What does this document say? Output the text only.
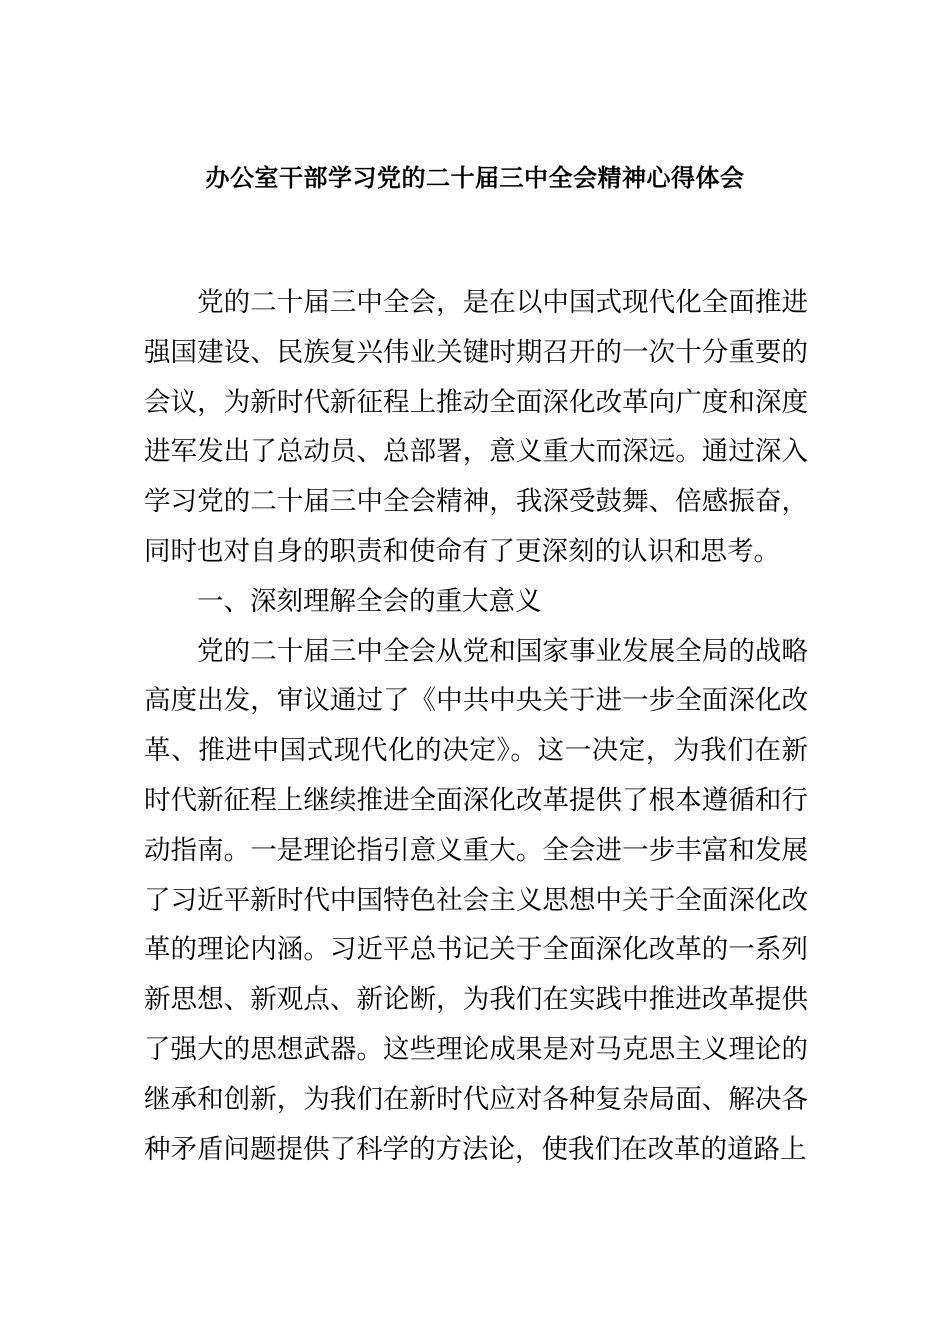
办公室干部学习党的二十届三中全会精神心得体会

党的二十届三中全会，是在以中国式现代化全面推进强国建设、民族复兴伟业关键时期召开的一次十分重要的会议，为新时代新征程上推动全面深化改革向广度和深度进军发出了总动员、总部署，意义重大而深远。通过深入学习党的二十届三中全会精神，我深受鼓舞、倍感振奋，同时也对自身的职责和使命有了更深刻的认识和思考。

一、深刻理解全会的重大意义

党的二十届三中全会从党和国家事业发展全局的战略高度出发，审议通过了《中共中央关于进一步全面深化改革、推进中国式现代化的决定》。这一决定，为我们在新时代新征程上继续推进全面深化改革提供了根本遵循和行动指南。一是理论指引意义重大。全会进一步丰富和发展了习近平新时代中国特色社会主义思想中关于全面深化改革的理论内涵。习近平总书记关于全面深化改革的一系列新思想、新观点、新论断，为我们在实践中推进改革提供了强大的思想武器。这些理论成果是对马克思主义理论的继承和创新，为我们在新时代应对各种复杂局面、解决各种矛盾问题提供了科学的方法论，使我们在改革的道路上
